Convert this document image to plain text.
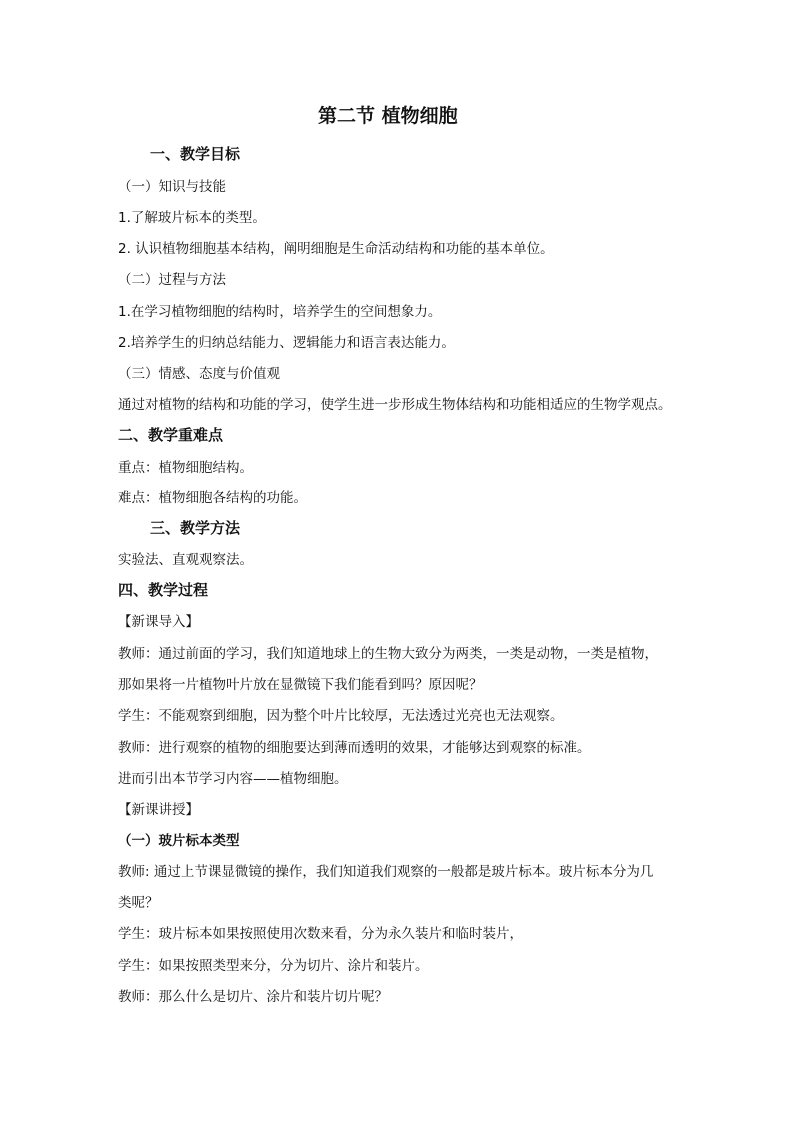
第二节 植物细胞
一、教学目标
（一）知识与技能
1.了解玻片标本的类型。
2. 认识植物细胞基本结构，阐明细胞是生命活动结构和功能的基本单位。
（二）过程与方法
1.在学习植物细胞的结构时，培养学生的空间想象力。
2.培养学生的归纳总结能力、逻辑能力和语言表达能力。
（三）情感、态度与价值观
通过对植物的结构和功能的学习，使学生进一步形成生物体结构和功能相适应的生物学观点。
二、教学重难点
重点：植物细胞结构。
难点：植物细胞各结构的功能。
三、教学方法
实验法、直观观察法。
四、教学过程
【新课导入】
教师：通过前面的学习，我们知道地球上的生物大致分为两类，一类是动物，一类是植物，
那如果将一片植物叶片放在显微镜下我们能看到吗？原因呢？
学生：不能观察到细胞，因为整个叶片比较厚，无法透过光亮也无法观察。
教师：进行观察的植物的细胞要达到薄而透明的效果，才能够达到观察的标准。
进而引出本节学习内容——植物细胞。
【新课讲授】
（一）玻片标本类型
教师: 通过上节课显微镜的操作，我们知道我们观察的一般都是玻片标本。玻片标本分为几
类呢？
学生：玻片标本如果按照使用次数来看，分为永久装片和临时装片，
学生：如果按照类型来分，分为切片、涂片和装片。
教师：那么什么是切片、涂片和装片切片呢？
